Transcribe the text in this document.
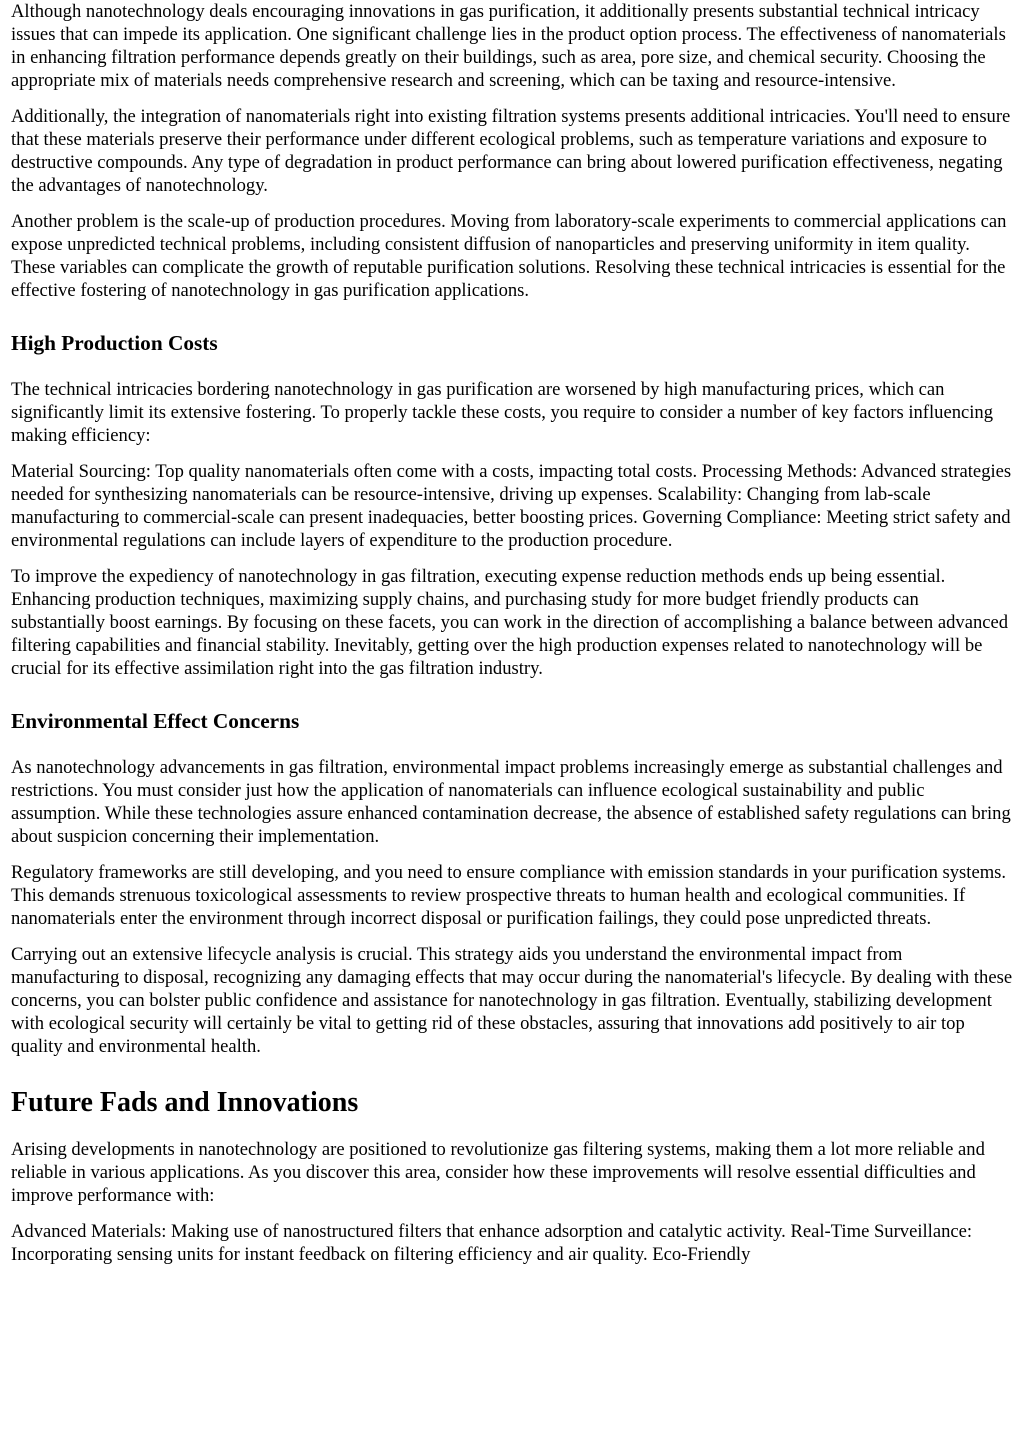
Although nanotechnology deals encouraging innovations in gas purification, it additionally presents substantial technical intricacy issues that can impede its application. One significant challenge lies in the product option process. The effectiveness of nanomaterials in enhancing filtration performance depends greatly on their buildings, such as area, pore size, and chemical security. Choosing the appropriate mix of materials needs comprehensive research and screening, which can be taxing and resource-intensive.

Additionally, the integration of nanomaterials right into existing filtration systems presents additional intricacies. You'll need to ensure that these materials preserve their performance under different ecological problems, such as temperature variations and exposure to destructive compounds. Any type of degradation in product performance can bring about lowered purification effectiveness, negating the advantages of nanotechnology.

Another problem is the scale-up of production procedures. Moving from laboratory-scale experiments to commercial applications can expose unpredicted technical problems, including consistent diffusion of nanoparticles and preserving uniformity in item quality. These variables can complicate the growth of reputable purification solutions. Resolving these technical intricacies is essential for the effective fostering of nanotechnology in gas purification applications.

High Production Costs

The technical intricacies bordering nanotechnology in gas purification are worsened by high manufacturing prices, which can significantly limit its extensive fostering. To properly tackle these costs, you require to consider a number of key factors influencing making efficiency:

Material Sourcing: Top quality nanomaterials often come with a costs, impacting total costs. Processing Methods: Advanced strategies needed for synthesizing nanomaterials can be resource-intensive, driving up expenses. Scalability: Changing from lab-scale manufacturing to commercial-scale can present inadequacies, better boosting prices. Governing Compliance: Meeting strict safety and environmental regulations can include layers of expenditure to the production procedure.

To improve the expediency of nanotechnology in gas filtration, executing expense reduction methods ends up being essential. Enhancing production techniques, maximizing supply chains, and purchasing study for more budget friendly products can substantially boost earnings. By focusing on these facets, you can work in the direction of accomplishing a balance between advanced filtering capabilities and financial stability. Inevitably, getting over the high production expenses related to nanotechnology will be crucial for its effective assimilation right into the gas filtration industry.

Environmental Effect Concerns

As nanotechnology advancements in gas filtration, environmental impact problems increasingly emerge as substantial challenges and restrictions. You must consider just how the application of nanomaterials can influence ecological sustainability and public assumption. While these technologies assure enhanced contamination decrease, the absence of established safety regulations can bring about suspicion concerning their implementation.

Regulatory frameworks are still developing, and you need to ensure compliance with emission standards in your purification systems. This demands strenuous toxicological assessments to review prospective threats to human health and ecological communities. If nanomaterials enter the environment through incorrect disposal or purification failings, they could pose unpredicted threats.

Carrying out an extensive lifecycle analysis is crucial. This strategy aids you understand the environmental impact from manufacturing to disposal, recognizing any damaging effects that may occur during the nanomaterial's lifecycle. By dealing with these concerns, you can bolster public confidence and assistance for nanotechnology in gas filtration. Eventually, stabilizing development with ecological security will certainly be vital to getting rid of these obstacles, assuring that innovations add positively to air top quality and environmental health.

Future Fads and Innovations

Arising developments in nanotechnology are positioned to revolutionize gas filtering systems, making them a lot more reliable and reliable in various applications. As you discover this area, consider how these improvements will resolve essential difficulties and improve performance with:

Advanced Materials: Making use of nanostructured filters that enhance adsorption and catalytic activity. Real-Time Surveillance: Incorporating sensing units for instant feedback on filtering efficiency and air quality. Eco-Friendly
